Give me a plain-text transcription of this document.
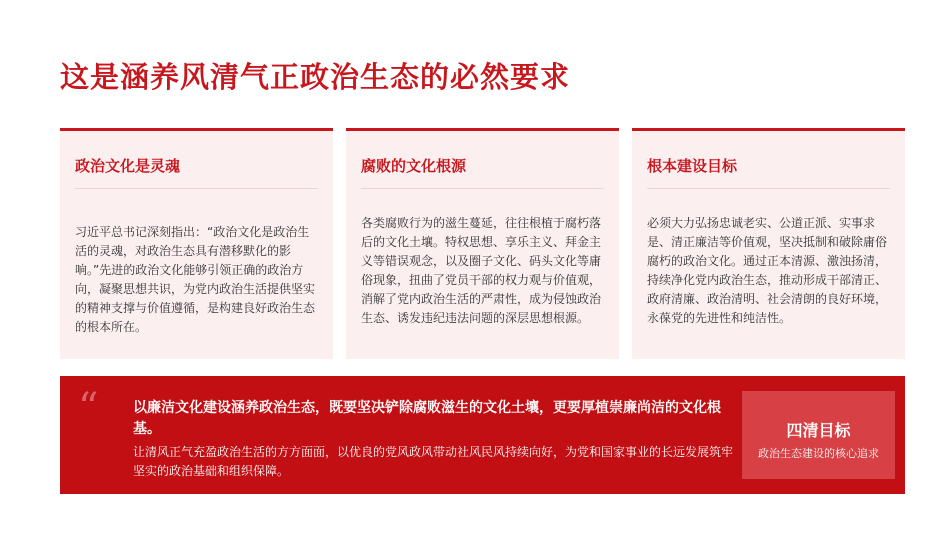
这是涵养风清气正政治生态的必然要求
政治文化是灵魂
习近平总书记深刻指出：“政治文化是政治生活的灵魂，对政治生态具有潜移默化的影响。”先进的政治文化能够引领正确的政治方向，凝聚思想共识，为党内政治生活提供坚实的精神支撑与价值遵循，是构建良好政治生态的根本所在。
腐败的文化根源
各类腐败行为的滋生蔓延，往往根植于腐朽落后的文化土壤。特权思想、享乐主义、拜金主义等错误观念，以及圈子文化、码头文化等庸俗现象，扭曲了党员干部的权力观与价值观，消解了党内政治生活的严肃性，成为侵蚀政治生态、诱发违纪违法问题的深层思想根源。
根本建设目标
必须大力弘扬忠诚老实、公道正派、实事求是、清正廉洁等价值观，坚决抵制和破除庸俗腐朽的政治文化。通过正本清源、激浊扬清，持续净化党内政治生态，推动形成干部清正、政府清廉、政治清明、社会清朗的良好环境，永葆党的先进性和纯洁性。
“ 以廉洁文化建设涵养政治生态，既要坚决铲除腐败滋生的文化土壤，更要厚植崇廉尚洁的文化根基。
让清风正气充盈政治生活的方方面面，以优良的党风政风带动社风民风持续向好，为党和国家事业的长远发展筑牢坚实的政治基础和组织保障。
四清目标
政治生态建设的核心追求
